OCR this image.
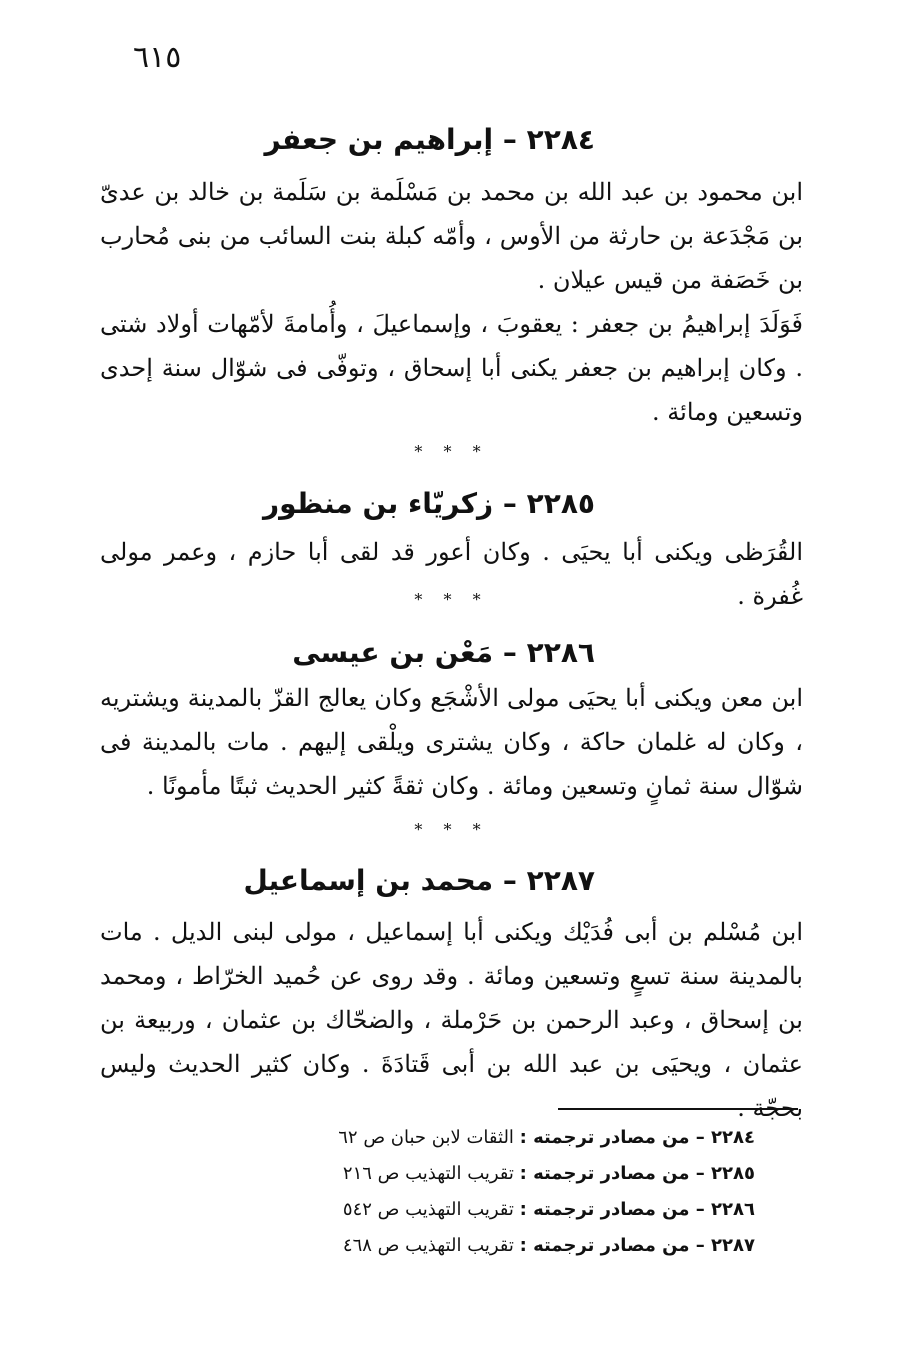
٦١٥
٢٢٨٤ – إبراهيم بن جعفر

ابن محمود بن عبد الله بن محمد بن مَسْلَمة بن سَلَمة بن خالد بن عدىّ بن مَجْدَعة بن حارثة من الأوس ، وأمّه كبلة بنت السائب من بنى مُحارب بن خَصَفة من قيس عيلان .

فَوَلَدَ إبراهيمُ بن جعفر : يعقوبَ ، وإسماعيلَ ، وأُمامةَ لأمّهات أولاد شتى . وكان إبراهيم بن جعفر يكنى أبا إسحاق ، وتوفّى فى شوّال سنة إحدى وتسعين ومائة .

* * *
٢٢٨٥ – زكريّاء بن منظور

القُرَظى ويكنى أبا يحيَى . وكان أعور قد لقى أبا حازم ، وعمر مولى غُفرة .

* * *
٢٢٨٦ – مَعْن بن عيسى

ابن معن ويكنى أبا يحيَى مولى الأشْجَع وكان يعالج القزّ بالمدينة ويشتريه ، وكان له غلمان حاكة ، وكان يشترى ويلْقى إليهم . مات بالمدينة فى شوّال سنة ثمانٍ وتسعين ومائة . وكان ثقةً كثير الحديث ثبتًا مأمونًا .

* * *
٢٢٨٧ – محمد بن إسماعيل

ابن مُسْلم بن أبى فُدَيْك ويكنى أبا إسماعيل ، مولى لبنى الديل . مات بالمدينة سنة تسعٍ وتسعين ومائة . وقد روى عن حُميد الخرّاط ، ومحمد بن إسحاق ، وعبد الرحمن بن حَرْملة ، والضحّاك بن عثمان ، وربيعة بن عثمان ، ويحيَى بن عبد الله بن أبى قَتادَةَ . وكان كثير الحديث وليس بحجّة .

٢٢٨٤ – من مصادر ترجمته : الثقات لابن حبان ص ٦٢
٢٢٨٥ – من مصادر ترجمته : تقريب التهذيب ص ٢١٦
٢٢٨٦ – من مصادر ترجمته : تقريب التهذيب ص ٥٤٢
٢٢٨٧ – من مصادر ترجمته : تقريب التهذيب ص ٤٦٨
